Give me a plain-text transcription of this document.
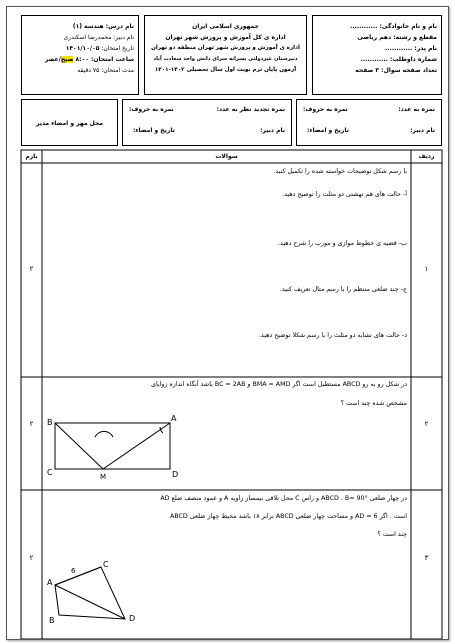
نام درس: هندسه (۱)
نام دبیر: محمدرضا اسکندری
تاریخ امتحان: ۱۴۰۱/۱۰/۰۵
ساعت امتحان: ۸:۰۰ صبح/عصر
مدت امتحان: ۷۵ دقیقه
جمهوری اسلامی ایران
اداره ی کل آموزش و پرورش شهر تهران
اداره ی آموزش و پرورش شهر تهران منطقه دو تهران
دبیرستان غیردولتی پسرانه سرای دانش واحد سعادت آباد
آزمون پایان ترم نوبت اول سال تحصیلی ۱۴۰۲-۱۴۰۱
نام و نام خانوادگی: ............
مقطع و رشته: دهم ریاضی
نام پدر: ............
شماره داوطلب: ............
تعداد صفحه سوال: ۳ صفحه
محل مهر و امضاء مدیر
نمره تجدید نظر به عدد:
نمره به حروف:
نام دبیر:
تاریخ و امضاء:
نمره به عدد:
نمره به حروف:
نام دبیر:
تاریخ و امضاء:
بارم	سوالات	ردیف
۲	۱
با رسم شکل توضیحات خواسته شده را تکمیل کنید.
آ- حالت های هم نهشتی دو مثلث را توضیح دهید.
ب- قضیه ی خطوط موازی و مورب را شرح دهید.
ج- چند ضلعی منتظم را با رسم مثال تعریف کنید.
د- حالت های تشابه دو مثلث را با رسم شکلا توضیح دهید.
۲	۲
در شکل رو به رو ABCD مستطیل است اگر BMA = AMD و BC = 2AB باشد آنگاه اندازه زوایای
مشخص شده چند است ؟
B	A
C	D
M
۲	۳
در چهار ضلعی ABCD ، B= 90° و راس C محل تلاقی نیمساز زاویه A و عمود منصف ضلع AD
است . اگر AD = 6 و مساحت چهار ضلعی ABCD برابر ۱۸ باشد محیط چهار ضلعی ABCD
چند است ؟
A
B
C
D
6
